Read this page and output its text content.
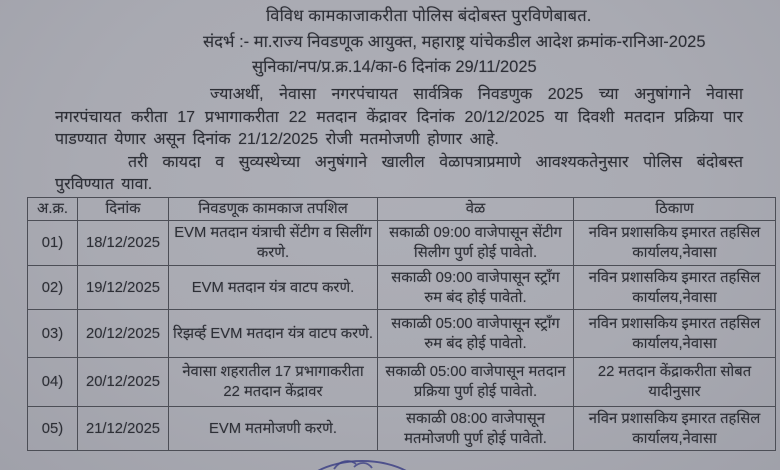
विविध कामकाजाकरीता पोलिस बंदोबस्त पुरविणेबाबत.
संदर्भ :- मा.राज्य निवडणूक आयुक्त, महाराष्ट्र यांचेकडील आदेश क्रमांक-रानिआ-2025
सुनिका/नप/प्र.क्र.14/का-6 दिनांक 29/11/2025

ज्याअर्थी, नेवासा नगरपंचायत सार्वत्रिक निवडणुक 2025 च्या अनुषांगाने नेवासा नगरपंचायत करीता 17 प्रभागाकरीता 22 मतदान केंद्रावर दिनांक 20/12/2025 या दिवशी मतदान प्रक्रिया पार पाडण्यात येणार असून दिनांक 21/12/2025 रोजी मतमोजणी होणार आहे.

तरी कायदा व सुव्यस्थेच्या अनुषंगाने खालील वेळापत्राप्रमाणे आवश्यकतेनुसार पोलिस बंदोबस्त पुरविण्यात यावा.

अ.क्र.	दिनांक	निवडणूक कामकाज तपशिल	वेळ	ठिकाण
01)	18/12/2025	EVM मतदान यंत्राची सेंटीग व सिलींग करणे.	सकाळी 09:00 वाजेपासून सेंटीग सिलीग पुर्ण होई पावेतो.	नविन प्रशासकिय इमारत तहसिल कार्यालय,नेवासा
02)	19/12/2025	EVM मतदान यंत्र वाटप करणे.	सकाळी 09:00 वाजेपासून स्ट्राँग रुम बंद होई पावेतो.	नविन प्रशासकिय इमारत तहसिल कार्यालय,नेवासा
03)	20/12/2025	रिझर्व्ह EVM मतदान यंत्र वाटप करणे.	सकाळी 05:00 वाजेपासून स्ट्राँग रुम बंद होई पावेतो.	नविन प्रशासकिय इमारत तहसिल कार्यालय,नेवासा
04)	20/12/2025	नेवासा शहरातील 17 प्रभागाकरीता 22 मतदान केंद्रावर	सकाळी 05:00 वाजेपासून मतदान प्रक्रिया पुर्ण होई पावेतो.	22 मतदान केंद्राकरीता सोबत यादीनुसार
05)	21/12/2025	EVM मतमोजणी करणे.	सकाळी 08:00 वाजेपासून मतमोजणी पुर्ण होई पावेतो.	नविन प्रशासकिय इमारत तहसिल कार्यालय,नेवासा
